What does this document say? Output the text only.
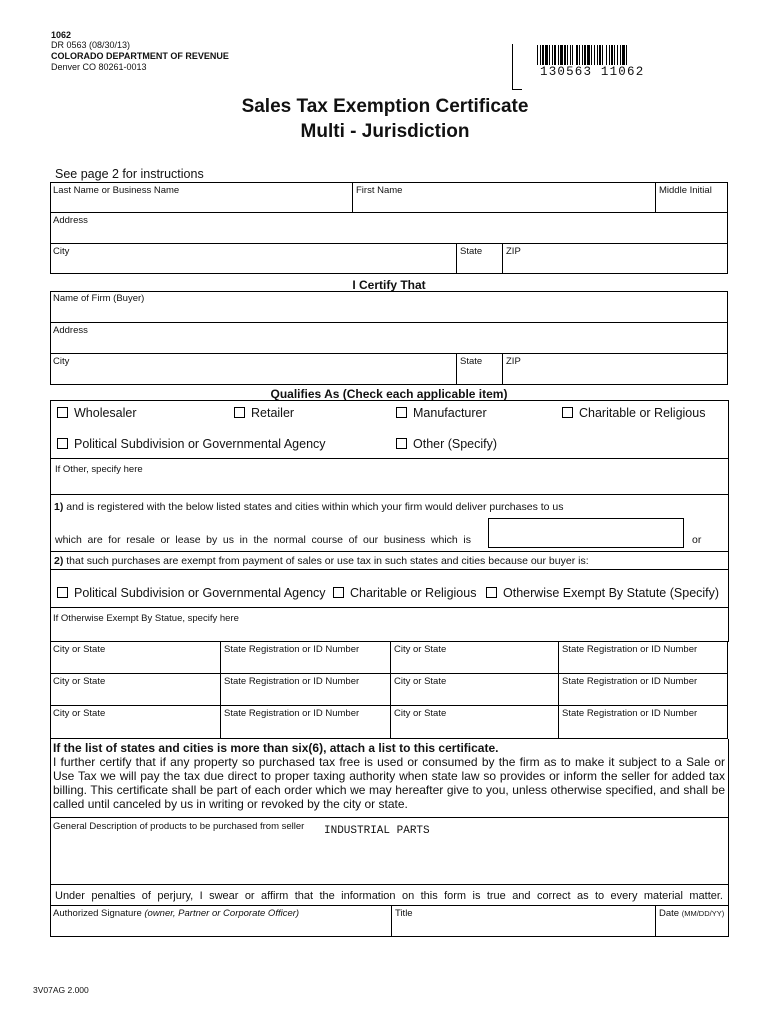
1062
DR 0563 (08/30/13)
COLORADO DEPARTMENT OF REVENUE
Denver CO 80261-0013	130563 11062
Sales Tax Exemption Certificate
Multi - Jurisdiction
See page 2 for instructions
Last Name or Business Name	First Name	Middle Initial
Address
City	State	ZIP
I Certify That
Name of Firm (Buyer)
Address
City	State	ZIP
Qualifies As (Check each applicable item)
Wholesaler	Retailer	Manufacturer	Charitable or Religious
Political Subdivision or Governmental Agency	Other (Specify)
If Other, specify here
1) and is registered with the below listed states and cities within which your firm would deliver purchases to us
which are for resale or lease by us in the normal course of our business which is	or
2) that such purchases are exempt from payment of sales or use tax in such states and cities because our buyer is:
Political Subdivision or Governmental Agency	Charitable or Religious	Otherwise Exempt By Statute (Specify)
If Otherwise Exempt By Statue, specify here
City or State	State Registration or ID Number	City or State	State Registration or ID Number
City or State	State Registration or ID Number	City or State	State Registration or ID Number
City or State	State Registration or ID Number	City or State	State Registration or ID Number
If the list of states and cities is more than six(6), attach a list to this certificate.
I further certify that if any property so purchased tax free is used or consumed by the firm as to make it subject to a Sale or Use Tax we will pay the tax due direct to proper taxing authority when state law so provides or inform the seller for added tax billing. This certificate shall be part of each order which we may hereafter give to you, unless otherwise specified, and shall be called until canceled by us in writing or revoked by the city or state.
General Description of products to be purchased from seller INDUSTRIAL PARTS
Under penalties of perjury, I swear or affirm that the information on this form is true and correct as to every material matter.
Authorized Signature (owner, Partner or Corporate Officer)	Title	Date (MM/DD/YY)
3V07AG 2.000
